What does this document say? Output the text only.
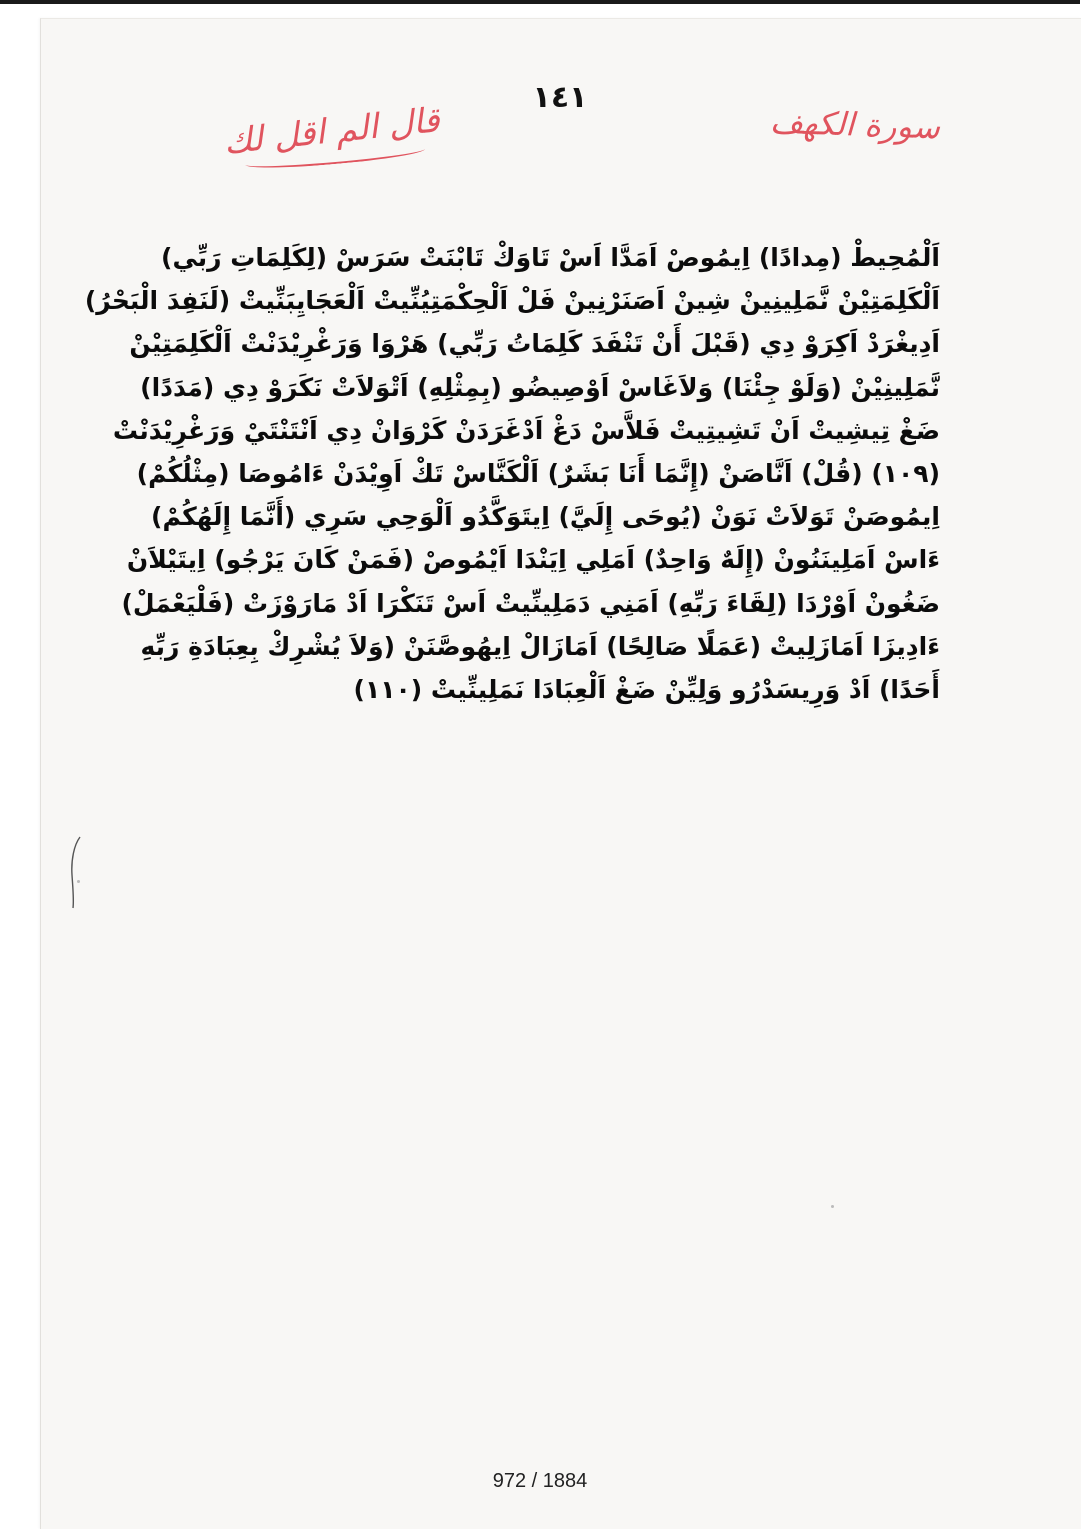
١٤١
قال الم اقل لك	سورة الكهف
اَلْمُحِيطْ (مِدادًا) اِيمُوصْ اَمَدَّا اَسْ تَاوَكْ تَابْنَتْ سَرَسْ (لِكَلِمَاتِ رَبِّي)
اَلْكَلِمَتِيْنْ نَّمَلِينِينْ شِينْ اَصَنَرْنِينْ فَلْ اَلْحِكْمَتِيُنِّيتْ اَلْعَجَايِبَنِّيتْ (لَنَفِدَ الْبَحْرُ)
اَدِيغْرَدْ اَكِرَوْ دِي (قَبْلَ أَنْ تَنْفَدَ كَلِمَاتُ رَبِّي) هَرْوَا وَرَغْرِيْدَنْتْ اَلْكَلِمَتِيْنْ
نَّمَلِينِيْنْ (وَلَوْ جِئْنَا) وَلاَغَاسْ اَوْصِيضُو (بِمِثْلِهِ) اَتْوَلاَتْ نَكَرَوْ دِي (مَدَدًا)
ضَغْ تِيشِيتْ اَنْ تَشِيتِيتْ فَلاَّسْ دَغْ اَدْغَرَدَنْ كَرْوَانْ دِي اَنْتَنْتَيْ وَرَغْرِيْدَنْتْ
(١٠٩) (قُلْ) اَنَّاصَنْ (إِنَّمَا أَنَا بَشَرٌ) اَلْكَنَّاسْ تَكْ اَوِيْدَنْ ءَامُوصَا (مِثْلُكُمْ)
اِيمُوصَنْ تَوَلاَتْ نَوَنْ (يُوحَى إِلَيَّ) اِيتَوَكَّدُو اَلْوَحِي سَرِي (أَنَّمَا إِلَهُكُمْ)
ءَاسْ اَمَلِينَنُونْ (إِلَهٌ وَاحِدٌ) اَمَلِي اِيَنْدَا اَيْمُوصْ (فَمَنْ كَانَ يَرْجُو) اِيتَيْلاَنْ
ضَغُونْ اَوْرْدَا (لِقَاءَ رَبِّهِ) اَمَنِي دَمَلِينِّيتْ اَسْ تَنَكْرَا اَدْ مَارَوْزَتْ (فَلْيَعْمَلْ)
ءَادِيزَا اَمَازَلِيتْ (عَمَلًا صَالِحًا) اَمَازَالْ اِيهُوصَّنَنْ (وَلاَ يُشْرِكْ بِعِبَادَةِ رَبِّهِ
أَحَدًا) اَدْ وَرِيسَدْرُو وَلِيِّنْ ضَغْ اَلْعِبَادَا نَمَلِينِّيتْ (١١٠)
972 / 1884
